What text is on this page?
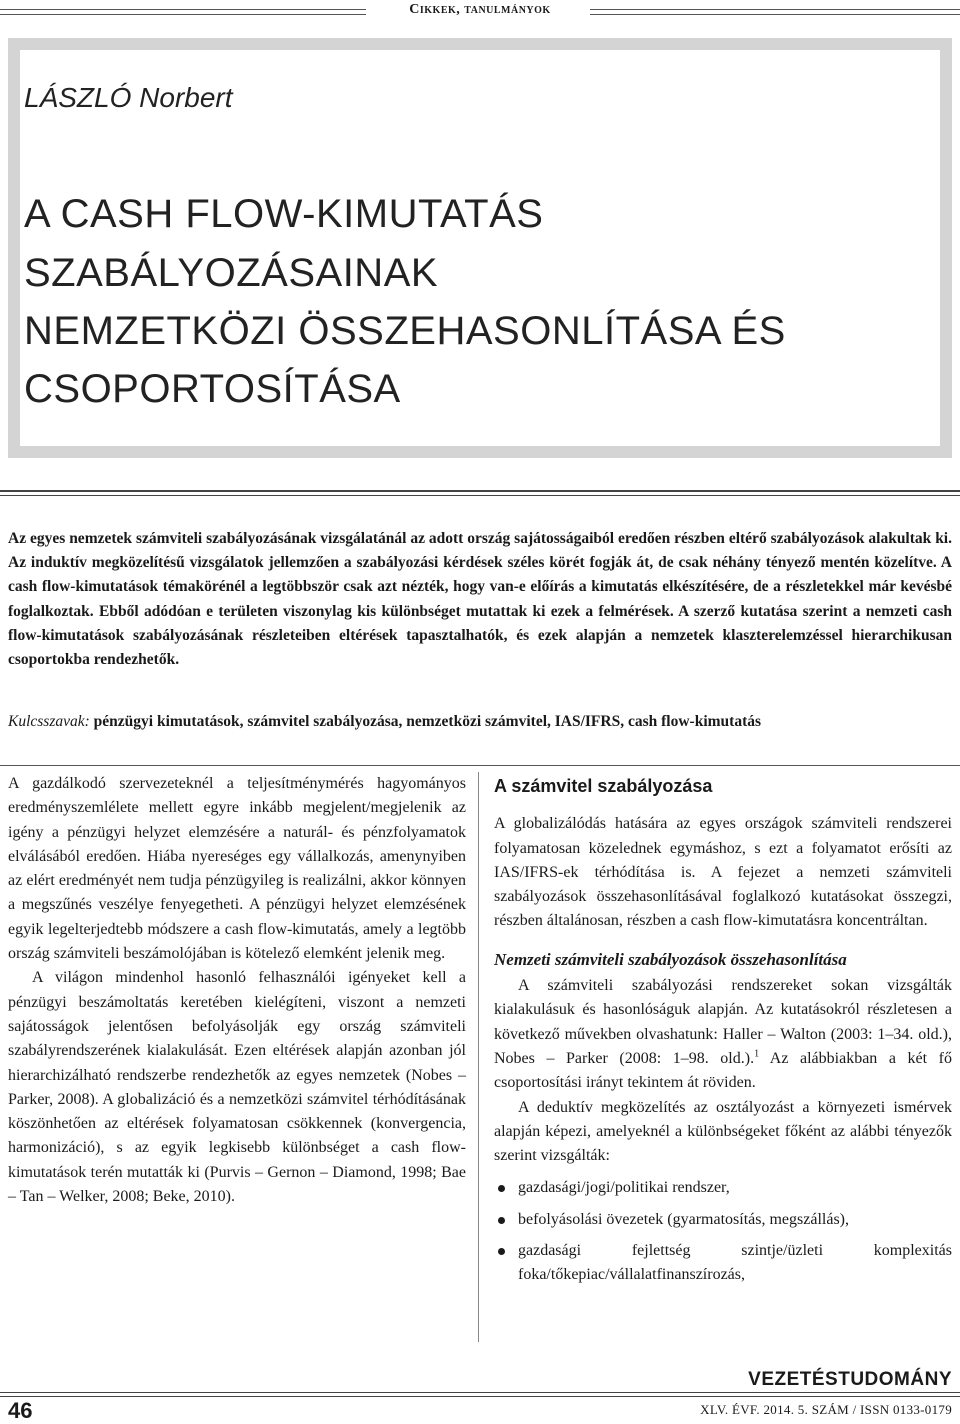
Cikkek, tanulmányok
LÁSZLÓ Norbert
A CASH FLOW-KIMUTATÁS
SZABÁLYOZÁSAINAK
NEMZETKÖZI ÖSSZEHASONLÍTÁSA ÉS
CSOPORTOSÍTÁSA
Az egyes nemzetek számviteli szabályozásának vizsgálatánál az adott ország sajátosságaiból eredően részben eltérő szabályozások alakultak ki. Az induktív megközelítésű vizsgálatok jellemzően a szabályozási kérdések széles körét fogják át, de csak néhány tényező mentén közelítve. A cash flow-kimutatások témakörénél a legtöbbször csak azt nézték, hogy van-e előírás a kimutatás elkészítésére, de a részletekkel már kevésbé foglalkoztak. Ebből adódóan e területen viszonylag kis különbséget mutattak ki ezek a felmérések. A szerző kutatása szerint a nemzeti cash flow-kimutatások szabályozásának részleteiben eltérések tapasztalhatók, és ezek alapján a nemzetek klaszterelemzéssel hierarchikusan csoportokba rendezhetők.
Kulcsszavak: pénzügyi kimutatások, számvitel szabályozása, nemzetközi számvitel, IAS/IFRS, cash flow-kimutatás

A gazdálkodó szervezeteknél a teljesítménymérés hagyományos eredményszemlélete mellett egyre inkább megjelent/megjelenik az igény a pénzügyi helyzet elemzésére a naturál- és pénzfolyamatok elválásából eredően. Hiába nyereséges egy vállalkozás, amenynyiben az elért eredményét nem tudja pénzügyileg is realizálni, akkor könnyen a megszűnés veszélye fenyegetheti. A pénzügyi helyzet elemzésének egyik legelterjedtebb módszere a cash flow-kimutatás, amely a legtöbb ország számviteli beszámolójában is kötelező elemként jelenik meg.

A világon mindenhol hasonló felhasználói igényeket kell a pénzügyi beszámoltatás keretében kielégíteni, viszont a nemzeti sajátosságok jelentősen befolyásolják egy ország számviteli szabályrendszerének kialakulását. Ezen eltérések alapján azonban jól hierarchizálható rendszerbe rendezhetők az egyes nemzetek (Nobes – Parker, 2008). A globalizáció és a nemzetközi számvitel térhódításának köszönhetően az eltérések folyamatosan csökkennek (konvergencia, harmonizáció), s az egyik legkisebb különbséget a cash flow-kimutatások terén mutatták ki (Purvis – Gernon – Diamond, 1998; Bae – Tan – Welker, 2008; Beke, 2010).

A számvitel szabályozása

A globalizálódás hatására az egyes országok számviteli rendszerei folyamatosan közelednek egymáshoz, s ezt a folyamatot erősíti az IAS/IFRS-ek térhódítása is. A fejezet a nemzeti számviteli szabályozások összehasonlításával foglalkozó kutatásokat összegzi, részben általánosan, részben a cash flow-kimutatásra koncentráltan.

Nemzeti számviteli szabályozások összehasonlítása

A számviteli szabályozási rendszereket sokan vizsgálták kialakulásuk és hasonlóságuk alapján. Az kutatásokról részletesen a következő művekben olvashatunk: Haller – Walton (2003: 1–34. old.), Nobes – Parker (2008: 1–98. old.).$^1$ Az alábbiakban a két fő csoportosítási irányt tekintem át röviden.

A deduktív megközelítés az osztályozást a környezeti ismérvek alapján képezi, amelyeknél a különbségeket főként az alábbi tényezők szerint vizsgálták:

gazdasági/jogi/politikai rendszer,
befolyásolási övezetek (gyarmatosítás, megszállás),
gazdasági fejlettség szintje/üzleti komplexitás foka/tőkepiac/vállalatfinanszírozás,
VEZETÉSTUDOMÁNY
46	XLV. ÉVF. 2014. 5. SZÁM / ISSN 0133-0179
